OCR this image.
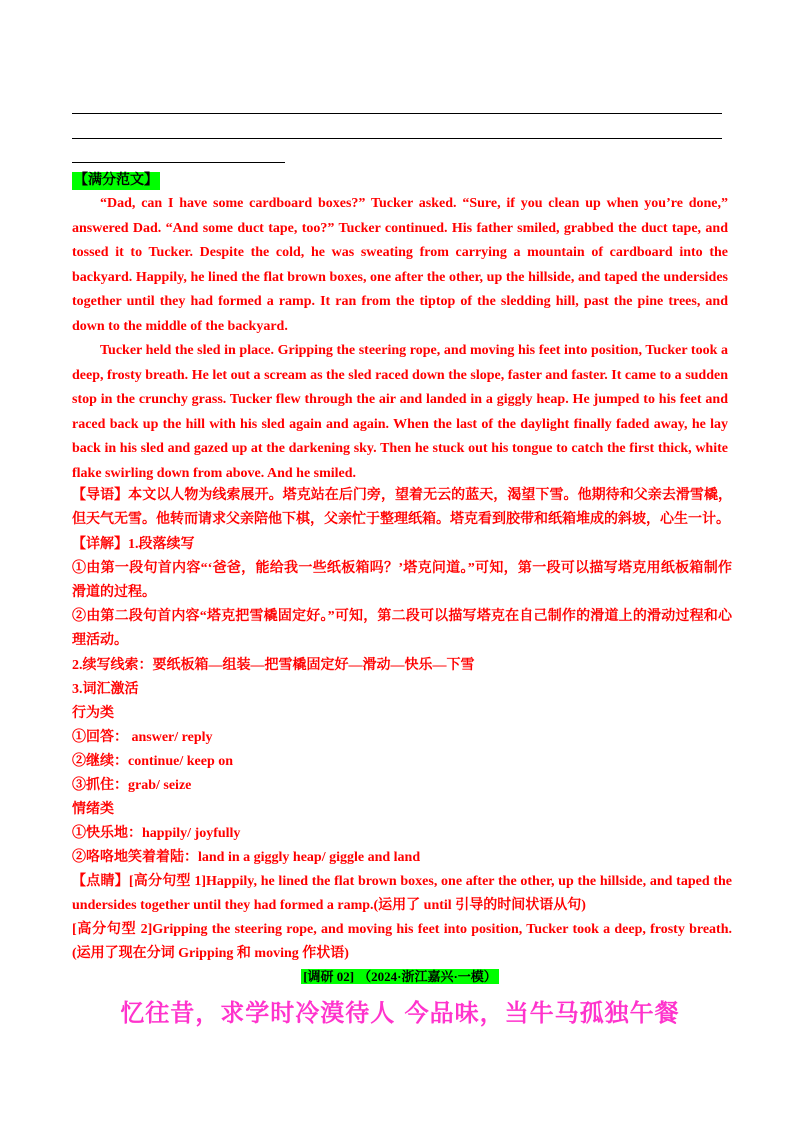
【满分范文】

“Dad, can I have some cardboard boxes?” Tucker asked. “Sure, if you clean up when you’re done,” answered Dad. “And some duct tape, too?” Tucker continued. His father smiled, grabbed the duct tape, and tossed it to Tucker. Despite the cold, he was sweating from carrying a mountain of cardboard into the backyard. Happily, he lined the flat brown boxes, one after the other, up the hillside, and taped the undersides together until they had formed a ramp. It ran from the tiptop of the sledding hill, past the pine trees, and down to the middle of the backyard.

Tucker held the sled in place. Gripping the steering rope, and moving his feet into position, Tucker took a deep, frosty breath. He let out a scream as the sled raced down the slope, faster and faster. It came to a sudden stop in the crunchy grass. Tucker flew through the air and landed in a giggly heap. He jumped to his feet and raced back up the hill with his sled again and again. When the last of the daylight finally faded away, he lay back in his sled and gazed up at the darkening sky. Then he stuck out his tongue to catch the first thick, white flake swirling down from above. And he smiled.

【导语】本文以人物为线索展开。塔克站在后门旁，望着无云的蓝天，渴望下雪。他期待和父亲去滑雪橇，但天气无雪。他转而请求父亲陪他下棋，父亲忙于整理纸箱。塔克看到胶带和纸箱堆成的斜坡，心生一计。

【详解】1.段落续写

①由第一段句首内容“‘爸爸，能给我一些纸板箱吗？’塔克问道。”可知，第一段可以描写塔克用纸板箱制作滑道的过程。

②由第二段句首内容“塔克把雪橇固定好。”可知，第二段可以描写塔克在自己制作的滑道上的滑动过程和心理活动。

2.续写线索：要纸板箱—组装—把雪橇固定好—滑动—快乐—下雪

3.词汇激活

行为类

①回答： answer/ reply

②继续：continue/ keep on

③抓住：grab/ seize

情绪类

①快乐地：happily/ joyfully

②咯咯地笑着着陆：land in a giggly heap/ giggle and land

【点睛】[高分句型 1]Happily, he lined the flat brown boxes, one after the other, up the hillside, and taped the undersides together until they had formed a ramp.(运用了 until 引导的时间状语从句)

[高分句型 2]Gripping the steering rope, and moving his feet into position, Tucker took a deep, frosty breath. (运用了现在分词 Gripping 和 moving 作状语)

[调研 02] （2024·浙江嘉兴·一模）
忆往昔，求学时冷漠待人 今品味，当牛马孤独午餐
